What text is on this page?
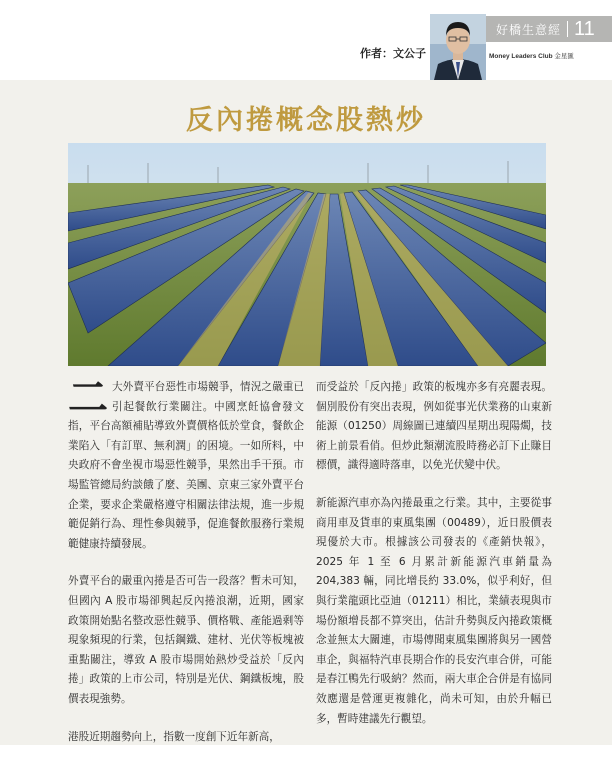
作者：文公子
好橋生意經 11
Money Leaders Club 金星匯
反內捲概念股熱炒

二大外賣平台惡性市場競爭，情況之嚴重已引起餐飲行業關注。中國烹飪協會發文指，平台高額補貼導致外賣價格低於堂食，餐飲企業陷入「有訂單、無利潤」的困境。一如所料，中央政府不會坐視市場惡性競爭，果然出手干預。市場監管總局約談餓了麼、美團、京東三家外賣平台企業，要求企業嚴格遵守相關法律法規，進一步規範促銷行為、理性參與競爭，促進餐飲服務行業規範健康持續發展。

外賣平台的嚴重內捲是否可告一段落？暫未可知，但國內 A 股市場卻興起反內捲浪潮，近期，國家政策開始點名整改惡性競爭、價格戰、產能過剩等現象頻現的行業，包括鋼鐵、建材、光伏等板塊被重點關注，導致 A 股市場開始熱炒受益於「反內捲」政策的上市公司，特別是光伏、鋼鐵板塊，股價表現強勢。

港股近期趨勢向上，指數一度創下近年新高，

而受益於「反內捲」政策的板塊亦多有亮麗表現。個別股份有突出表現，例如從事光伏業務的山東新能源（01250）周線圖已連續四星期出現陽燭，技術上前景看俏。但炒此類潮流股時務必訂下止賺目標價，識得適時落車，以免光伏變中伏。

新能源汽車亦為內捲最重之行業。其中，主要從事商用車及貨車的東風集團（00489），近日股價表現優於大市。根據該公司發表的《產銷快報》，2025 年 1 至 6 月累計新能源汽車銷量為 204,383 輛，同比增長約 33.0%，似乎利好，但與行業龍頭比亞迪（01211）相比，業績表現與市場份額增長都不算突出，估計升勢與反內捲政策概念並無太大關連，市場傳聞東風集團將與另一國營車企，與福特汽車長期合作的長安汽車合併，可能是春江鴨先行吸納？然而，兩大車企合併是有協同效應還是營運更複雜化，尚未可知，由於升幅已多，暫時建議先行觀望。
